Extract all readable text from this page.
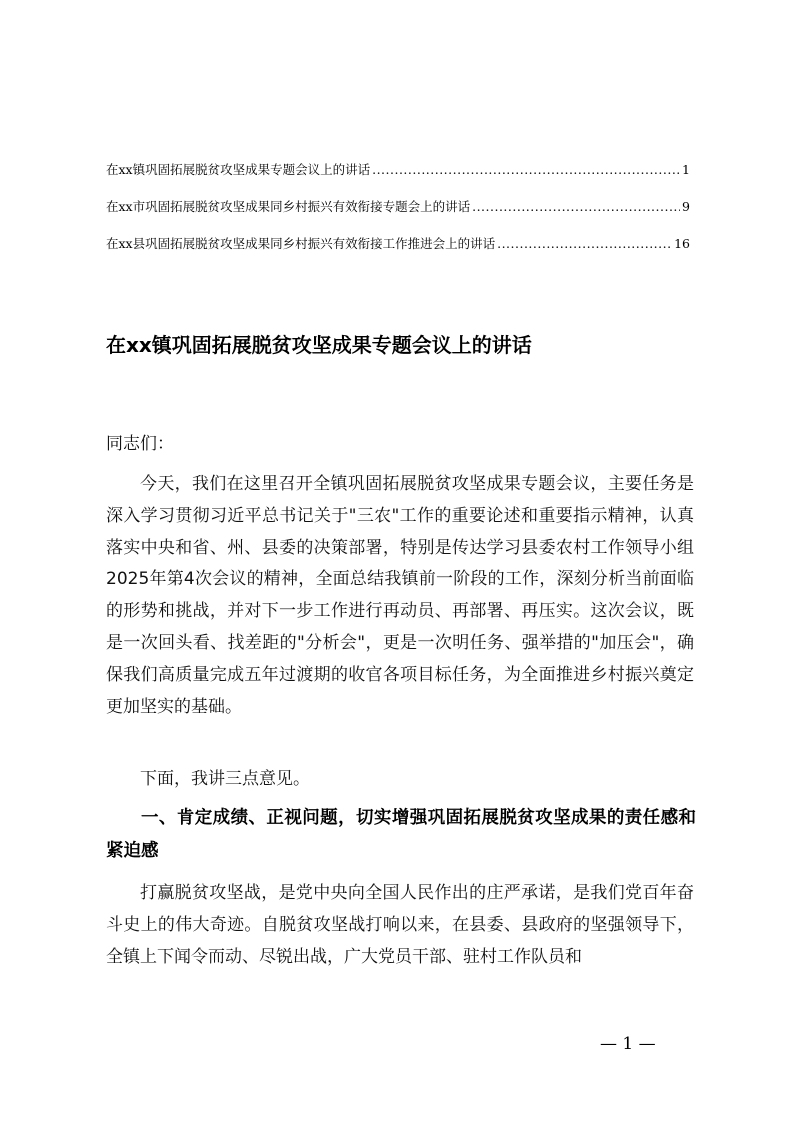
在xx镇巩固拓展脱贫攻坚成果专题会议上的讲话 .....	1
在xx市巩固拓展脱贫攻坚成果同乡村振兴有效衔接专题会上的讲话 .....	9
在xx县巩固拓展脱贫攻坚成果同乡村振兴有效衔接工作推进会上的讲话 .....	16
在xx镇巩固拓展脱贫攻坚成果专题会议上的讲话
同志们：
今天，我们在这里召开全镇巩固拓展脱贫攻坚成果专题会议，主要任务是深入学习贯彻习近平总书记关于"三农"工作的重要论述和重要指示精神，认真落实中央和省、州、县委的决策部署，特别是传达学习县委农村工作领导小组2025年第4次会议的精神，全面总结我镇前一阶段的工作，深刻分析当前面临的形势和挑战，并对下一步工作进行再动员、再部署、再压实。这次会议，既是一次回头看、找差距的"分析会"，更是一次明任务、强举措的"加压会"，确保我们高质量完成五年过渡期的收官各项目标任务，为全面推进乡村振兴奠定更加坚实的基础。
下面，我讲三点意见。
一、肯定成绩、正视问题，切实增强巩固拓展脱贫攻坚成果的责任感和紧迫感
打赢脱贫攻坚战，是党中央向全国人民作出的庄严承诺，是我们党百年奋斗史上的伟大奇迹。自脱贫攻坚战打响以来，在县委、县政府的坚强领导下，全镇上下闻令而动、尽锐出战，广大党员干部、驻村工作队员和
— 1 —
